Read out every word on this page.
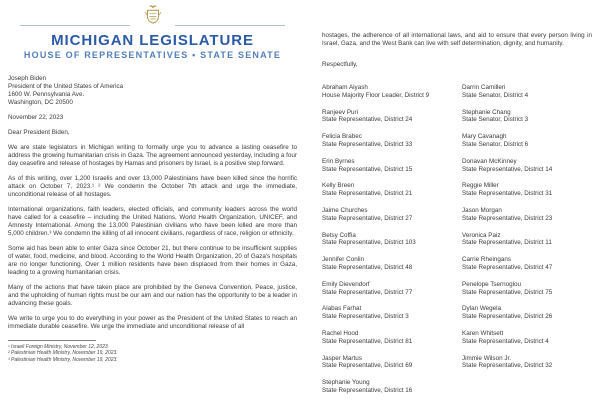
MICHIGAN LEGISLATURE
HOUSE OF REPRESENTATIVES • STATE SENATE
Joseph Biden
President of the United States of America
1600 W. Pennsylvania Ave.
Washington, DC 20500
November 22, 2023
Dear President Biden,

We are state legislators in Michigan writing to formally urge you to advance a lasting ceasefire to address the growing humanitarian crisis in Gaza. The agreement announced yesterday, including a four day ceasefire and release of hostages by Hamas and prisoners by Israel, is a positive step forward.

As of this writing, over 1,200 Israelis and over 13,000 Palestinians have been killed since the horrific attack on October 7, 2023.¹ ² We condemn the October 7th attack and urge the immediate, unconditional release of all hostages.

International organizations, faith leaders, elected officials, and community leaders across the world have called for a ceasefire – including the United Nations, World Health Organization, UNICEF, and Amnesty International. Among the 13,000 Palestinian civilians who have been killed are more than 5,000 children.³ We condemn the killing of all innocent civilians, regardless of race, religion or ethnicity.

Some aid has been able to enter Gaza since October 21, but there continue to be insufficient supplies of water, food, medicine, and blood. According to the World Health Organization, 20 of Gaza's hospitals are no longer functioning. Over 1 million residents have been displaced from their homes in Gaza, leading to a growing humanitarian crisis.

Many of the actions that have taken place are prohibited by the Geneva Convention. Peace, justice, and the upholding of human rights must be our aim and our nation has the opportunity to be a leader in advancing these goals.

We write to urge you to do everything in your power as the President of the United States to reach an immediate durable ceasefire. We urge the immediate and unconditional release of all

¹ Israeli Foreign Ministry, November 12, 2023.
² Palestinian Health Ministry, November 19, 2023.
³ Palestinian Health Ministry, November 19, 2023.

hostages, the adherence of all international laws, and aid to ensure that every person living in Israel, Gaza, and the West Bank can live with self determination, dignity, and humanity.

Respectfully,
Abraham Aiyash
House Majority Floor Leader, District 9
Ranjeev Puri
State Representative, District 24
Felicia Brabec
State Representative, District 33
Erin Byrnes
State Representative, District 15
Kelly Breen
State Representative, District 21
Jaime Churches
State Representative, District 27
Betsy Coffia
State Representative, District 103
Jennifer Conlin
State Representative, District 48
Emily Dievendorf
State Representative, District 77
Alabas Farhat
State Representative, District 3
Rachel Hood
State Representative, District 81
Jasper Martus
State Representative, District 69
Stephanie Young
State Representative, District 16
Darrin Camilleri
State Senator, District 4
Stephanie Chang
State Senator, District 3
Mary Cavanagh
State Senator, District 6
Donavan McKinney
State Representative, District 14
Reggie Miller
State Representative, District 31
Jason Morgan
State Representative, District 23
Veronica Paiz
State Representative, District 11
Carrie Rheingans
State Representative, District 47
Penelope Tsernoglou
State Representative, District 75
Dylan Wegela
State Representative, District 26
Karen Whitsett
State Representative, District 4
Jimmie Wilson Jr.
State Representative, District 32
